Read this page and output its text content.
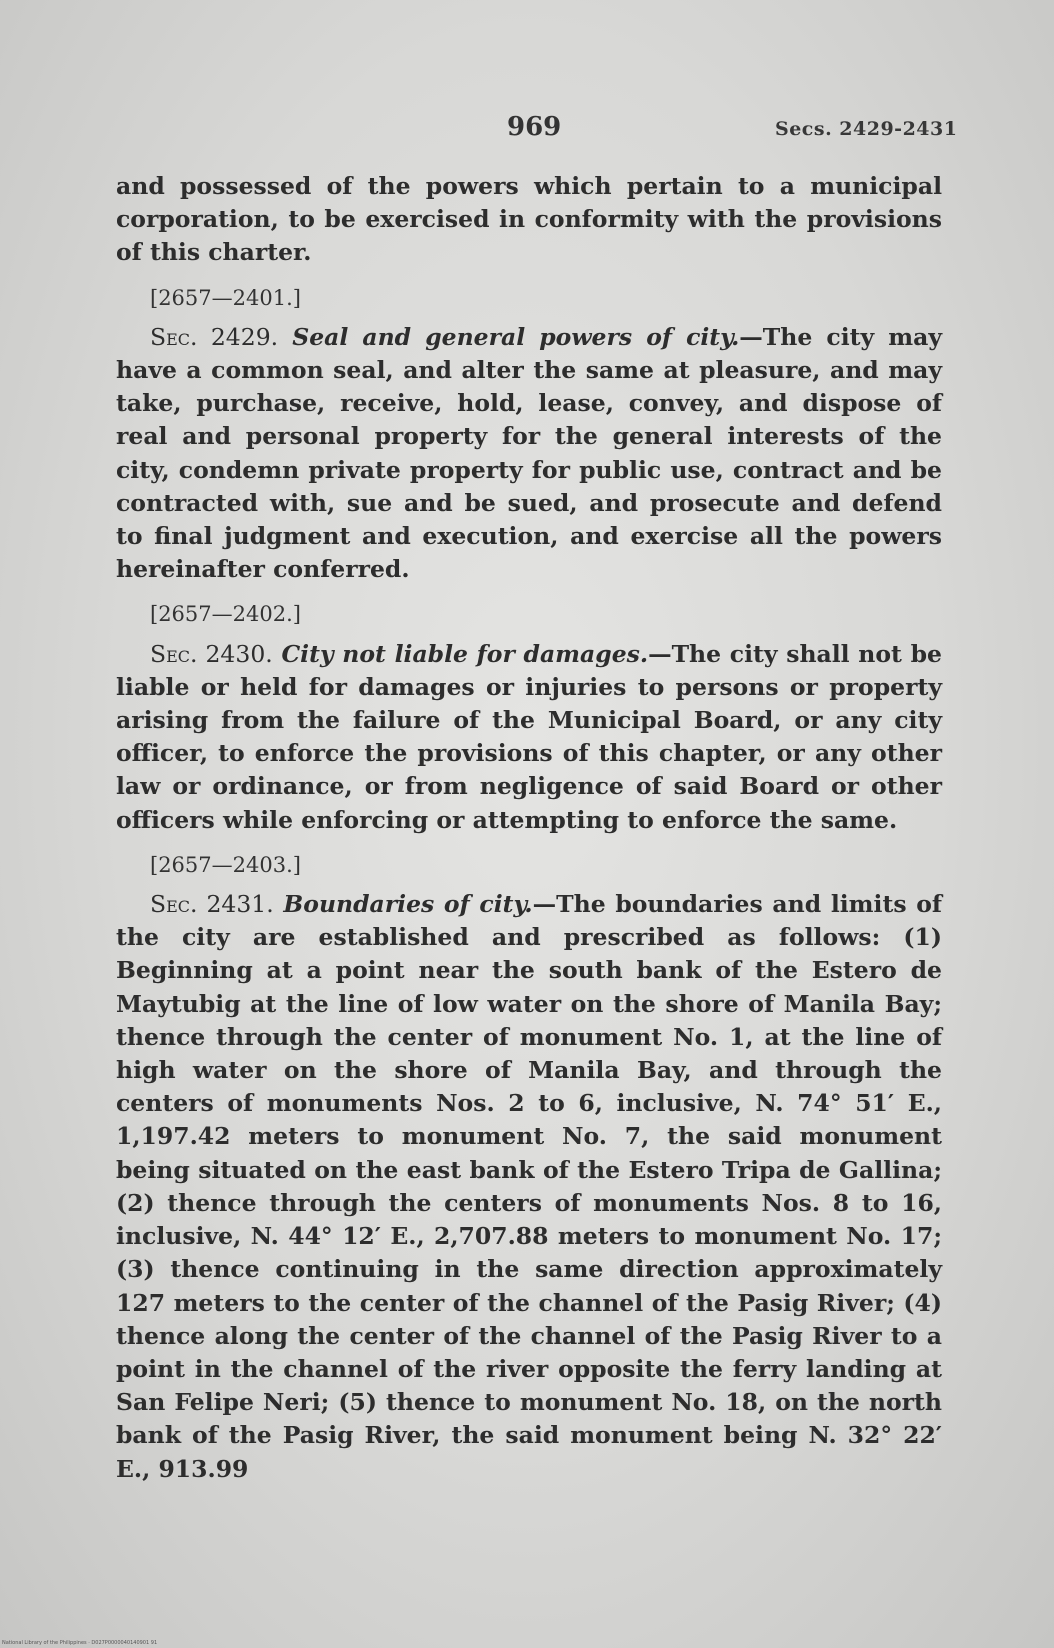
969	Secs. 2429-2431

and possessed of the powers which pertain to a municipal corporation, to be exercised in conformity with the provisions of this charter.

[2657—2401.]

Sec. 2429. Seal and general powers of city.—The city may have a common seal, and alter the same at pleasure, and may take, purchase, receive, hold, lease, convey, and dispose of real and personal property for the general interests of the city, condemn private property for public use, contract and be contracted with, sue and be sued, and prosecute and defend to final judgment and execution, and exercise all the powers hereinafter conferred.

[2657—2402.]

Sec. 2430. City not liable for damages.—The city shall not be liable or held for damages or injuries to persons or property arising from the failure of the Municipal Board, or any city officer, to enforce the provisions of this chapter, or any other law or ordinance, or from negligence of said Board or other officers while enforcing or attempting to enforce the same.

[2657—2403.]

Sec. 2431. Boundaries of city.—The boundaries and limits of the city are established and prescribed as follows: (1) Beginning at a point near the south bank of the Estero de Maytubig at the line of low water on the shore of Manila Bay; thence through the center of monument No. 1, at the line of high water on the shore of Manila Bay, and through the centers of monuments Nos. 2 to 6, inclusive, N. 74° 51′ E., 1,197.42 meters to monument No. 7, the said monument being situated on the east bank of the Estero Tripa de Gallina; (2) thence through the centers of monuments Nos. 8 to 16, inclusive, N. 44° 12′ E., 2,707.88 meters to monument No. 17; (3) thence continuing in the same direction approximately 127 meters to the center of the channel of the Pasig River; (4) thence along the center of the channel of the Pasig River to a point in the channel of the river opposite the ferry landing at San Felipe Neri; (5) thence to monument No. 18, on the north bank of the Pasig River, the said monument being N. 32° 22′ E., 913.99

National Library of the Philippines · D027P0000040140901 91
